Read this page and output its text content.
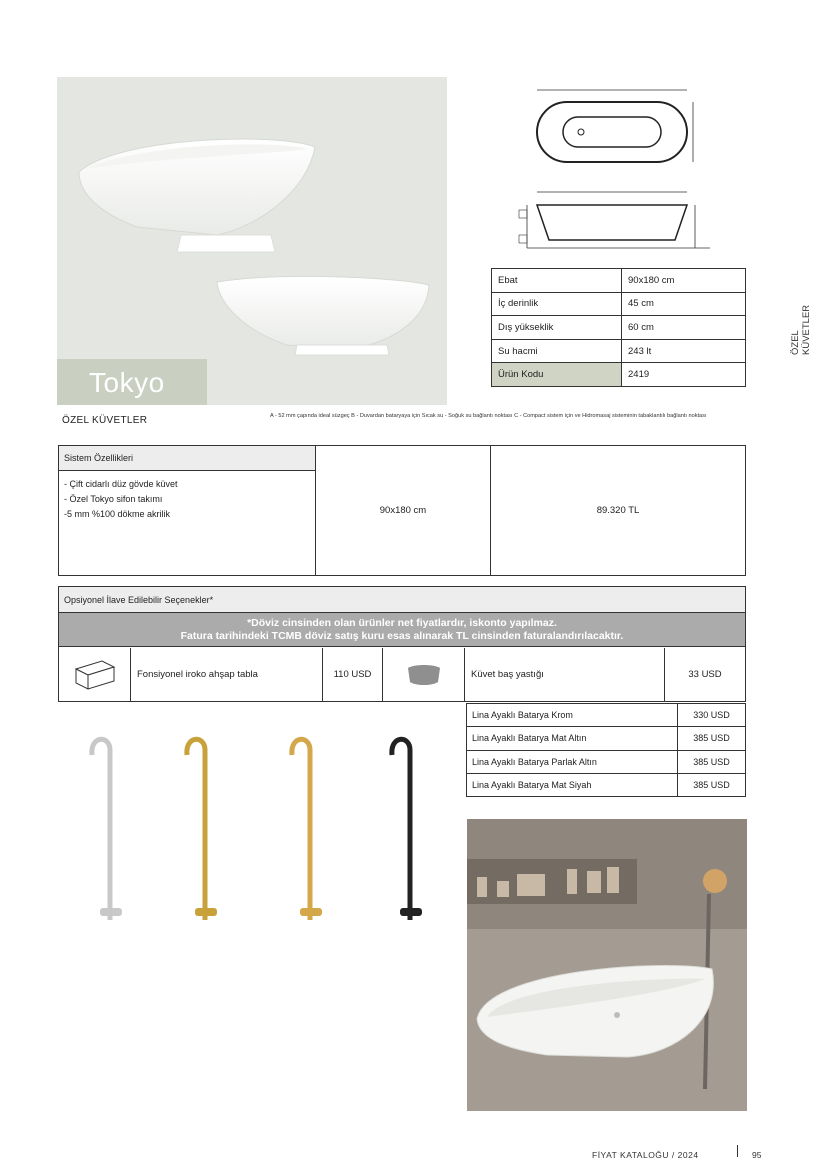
Tokyo
Ebat	90x180 cm
İç derinlik	45 cm
Dış yükseklik	60 cm
Su hacmi	243 lt
Ürün Kodu	2419
ÖZEL KÜVETLER
ÖZEL KÜVETLER	A - 52 mm çapında ideal süzgeç B - Duvardan bataryaya için Sıcak su - Soğuk su bağlantı noktası C - Compact sistem için ve Hidromasaj sisteminin tabaklantılı bağlantı noktası
Sistem Özellikleri
- Çift cidarlı düz gövde küvet
- Özel Tokyo sifon takımı
-5 mm %100 dökme akrilik	90x180 cm	89.320 TL
Opsiyonel İlave Edilebilir Seçenekler*
*Döviz cinsinden olan ürünler net fiyatlardır, iskonto yapılmaz.
Fatura tarihindeki TCMB döviz satış kuru esas alınarak TL cinsinden faturalandırılacaktır.
Fonsiyonel iroko ahşap tabla	110 USD	Küvet baş yastığı	33 USD
Lina Ayaklı Batarya Krom	330 USD
Lina Ayaklı Batarya Mat Altın	385 USD
Lina Ayaklı Batarya Parlak Altın	385 USD
Lina Ayaklı Batarya Mat Siyah	385 USD
FİYAT KATALOĞU / 2024	95
